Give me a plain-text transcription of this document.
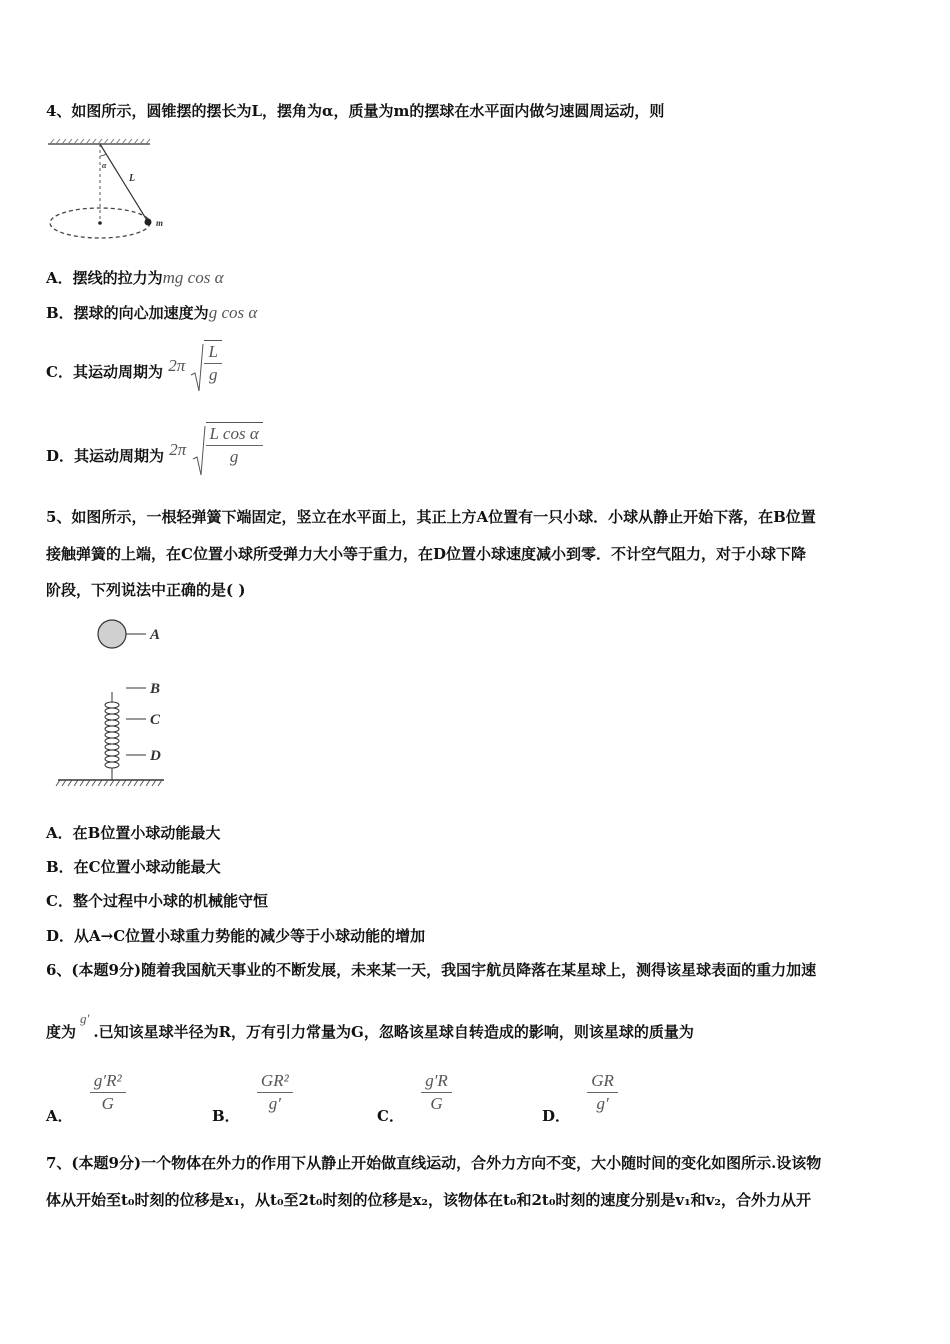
4、如图所示，圆锥摆的摆长为L，摆角为α，质量为m的摆球在水平面内做匀速圆周运动，则
α
L
m
A．摆线的拉力为mg cos α
B．摆球的向心加速度为g cos α
C．其运动周期为 $2\pi \frac{L}{g}$
D．其运动周期为 $2\pi \frac{\text{L cos α}}{g}$
5、如图所示，一根轻弹簧下端固定，竖立在水平面上，其正上方A位置有一只小球．小球从静止开始下落，在B位置
接触弹簧的上端，在C位置小球所受弹力大小等于重力，在D位置小球速度减小到零．不计空气阻力，对于小球下降
阶段，下列说法中正确的是( )
A
B
C
D
A．在B位置小球动能最大
B．在C位置小球动能最大
C．整个过程中小球的机械能守恒
D．从A→C位置小球重力势能的减少等于小球动能的增加
6、(本题9分)随着我国航天事业的不断发展，未来某一天，我国宇航员降落在某星球上，测得该星球表面的重力加速
度为g′.已知该星球半径为R，万有引力常量为G，忽略该星球自转造成的影响，则该星球的质量为
A．
$\frac{\text{g′R²}}{G}$
B．
$\frac{\text{GR²}}{g'}$
C．
$\frac{g'R}{G}$
D．
$\frac{GR}{g'}$
7、(本题9分)一个物体在外力的作用下从静止开始做直线运动，合外力方向不变，大小随时间的变化如图所示.设该物
体从开始至t₀时刻的位移是x₁，从t₀至2t₀时刻的位移是x₂，该物体在t₀和2t₀时刻的速度分别是v₁和v₂，合外力从开
